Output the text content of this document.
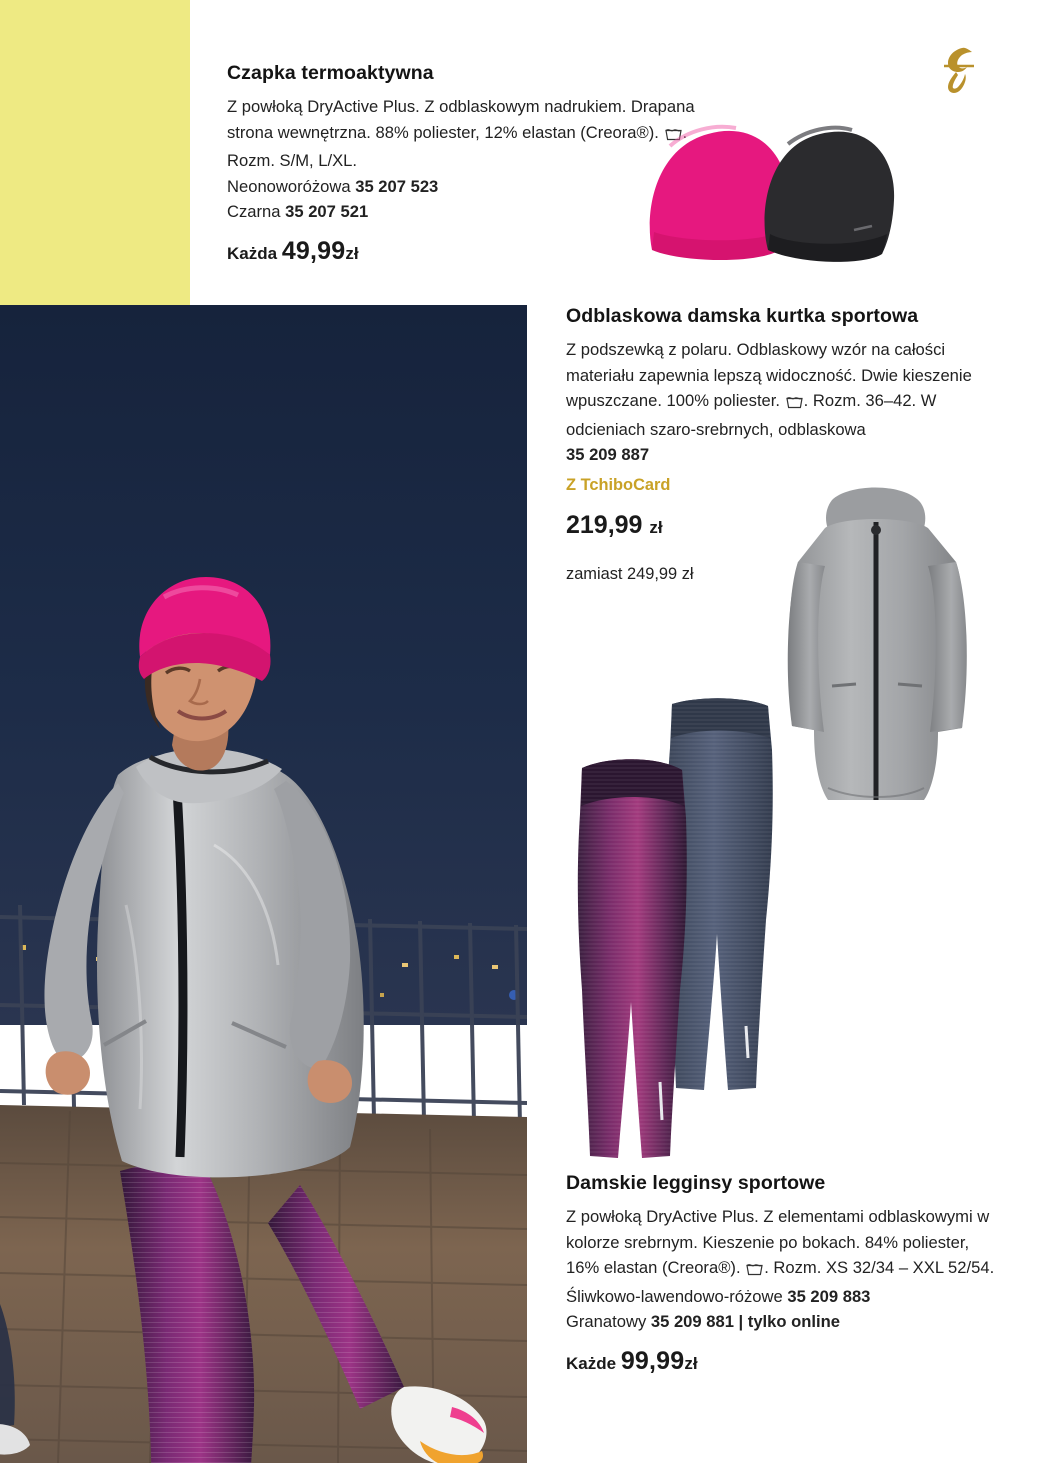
Czapka termoaktywna

Z powłoką DryActive Plus. Z odblaskowym nadrukiem. Drapana strona wewnętrzna. 88% poliester, 12% elastan (Creora®). . Rozm. S/M, L/XL.

Neonoworóżowa 35 207 523

Czarna 35 207 521

Każda 49,99zł

Odblaskowa damska kurtka sportowa

Z podszewką z polaru. Odblaskowy wzór na całości materiału zapewnia lepszą widoczność. Dwie kieszenie wpuszczane. 100% poliester. . Rozm. 36–42. W odcieniach szaro-srebrnych, odblaskowa

35 209 887

Z TchiboCard

219,99 zł

zamiast 249,99 zł

Damskie legginsy sportowe

Z powłoką DryActive Plus. Z elementami odblaskowymi w kolorze srebrnym. Kieszenie po bokach. 84% poliester, 16% elastan (Creora®). . Rozm. XS 32/34 – XXL 52/54.

Śliwkowo-lawendowo-różowe 35 209 883

Granatowy 35 209 881 | tylko online

Każde 99,99zł
